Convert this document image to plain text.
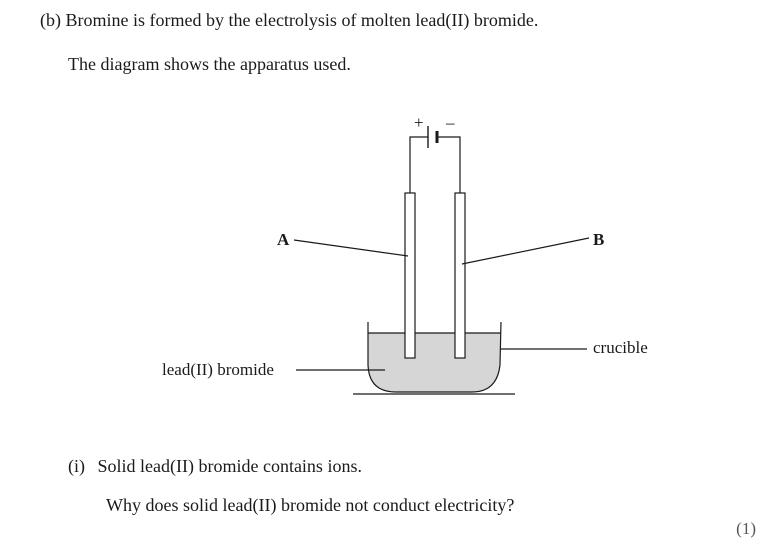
(b) Bromine is formed by the electrolysis of molten lead(II) bromide.
The diagram shows the apparatus used.
+ –
A	B
crucible
lead(II) bromide
(i) Solid lead(II) bromide contains ions.
Why does solid lead(II) bromide not conduct electricity?
(1)
